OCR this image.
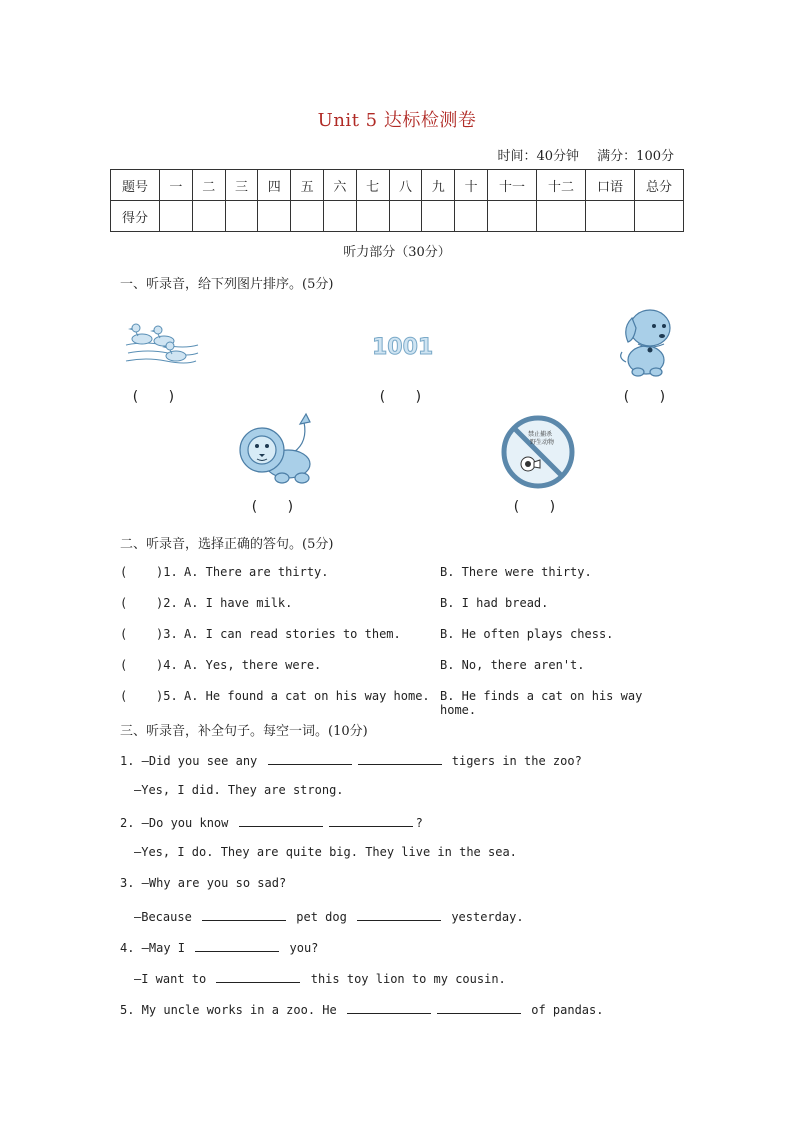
Unit 5 达标检测卷
时间：40分钟 满分：100分
题号	一	二	三	四	五	六	七	八	九	十	十一	十二	口语	总分
得分														
听力部分（30分）
一、听录音，给下列图片排序。(5分)
1001
禁止捕杀
野生动物
(　　)	(　　)	(　　)
(　　)	(　　)
二、听录音，选择正确的答句。(5分)
( )1. A. There are thirty.	B. There were thirty.
( )2. A. I have milk.	B. I had bread.
( )3. A. I can read stories to them.	B. He often plays chess.
( )4. A. Yes, there were.	B. No, there aren't.
( )5. A. He found a cat on his way home. B. He finds a cat on his way home.
三、听录音，补全句子。每空一词。(10分)
1. —Did you see any	tigers in the zoo?
—Yes, I did. They are strong.
2. —Do you know	?
—Yes, I do. They are quite big. They live in the sea.
3. —Why are you so sad?
—Because	pet dog	yesterday.
4. —May I	you?
—I want to	this toy lion to my cousin.
5. My uncle works in a zoo. He	of pandas.
